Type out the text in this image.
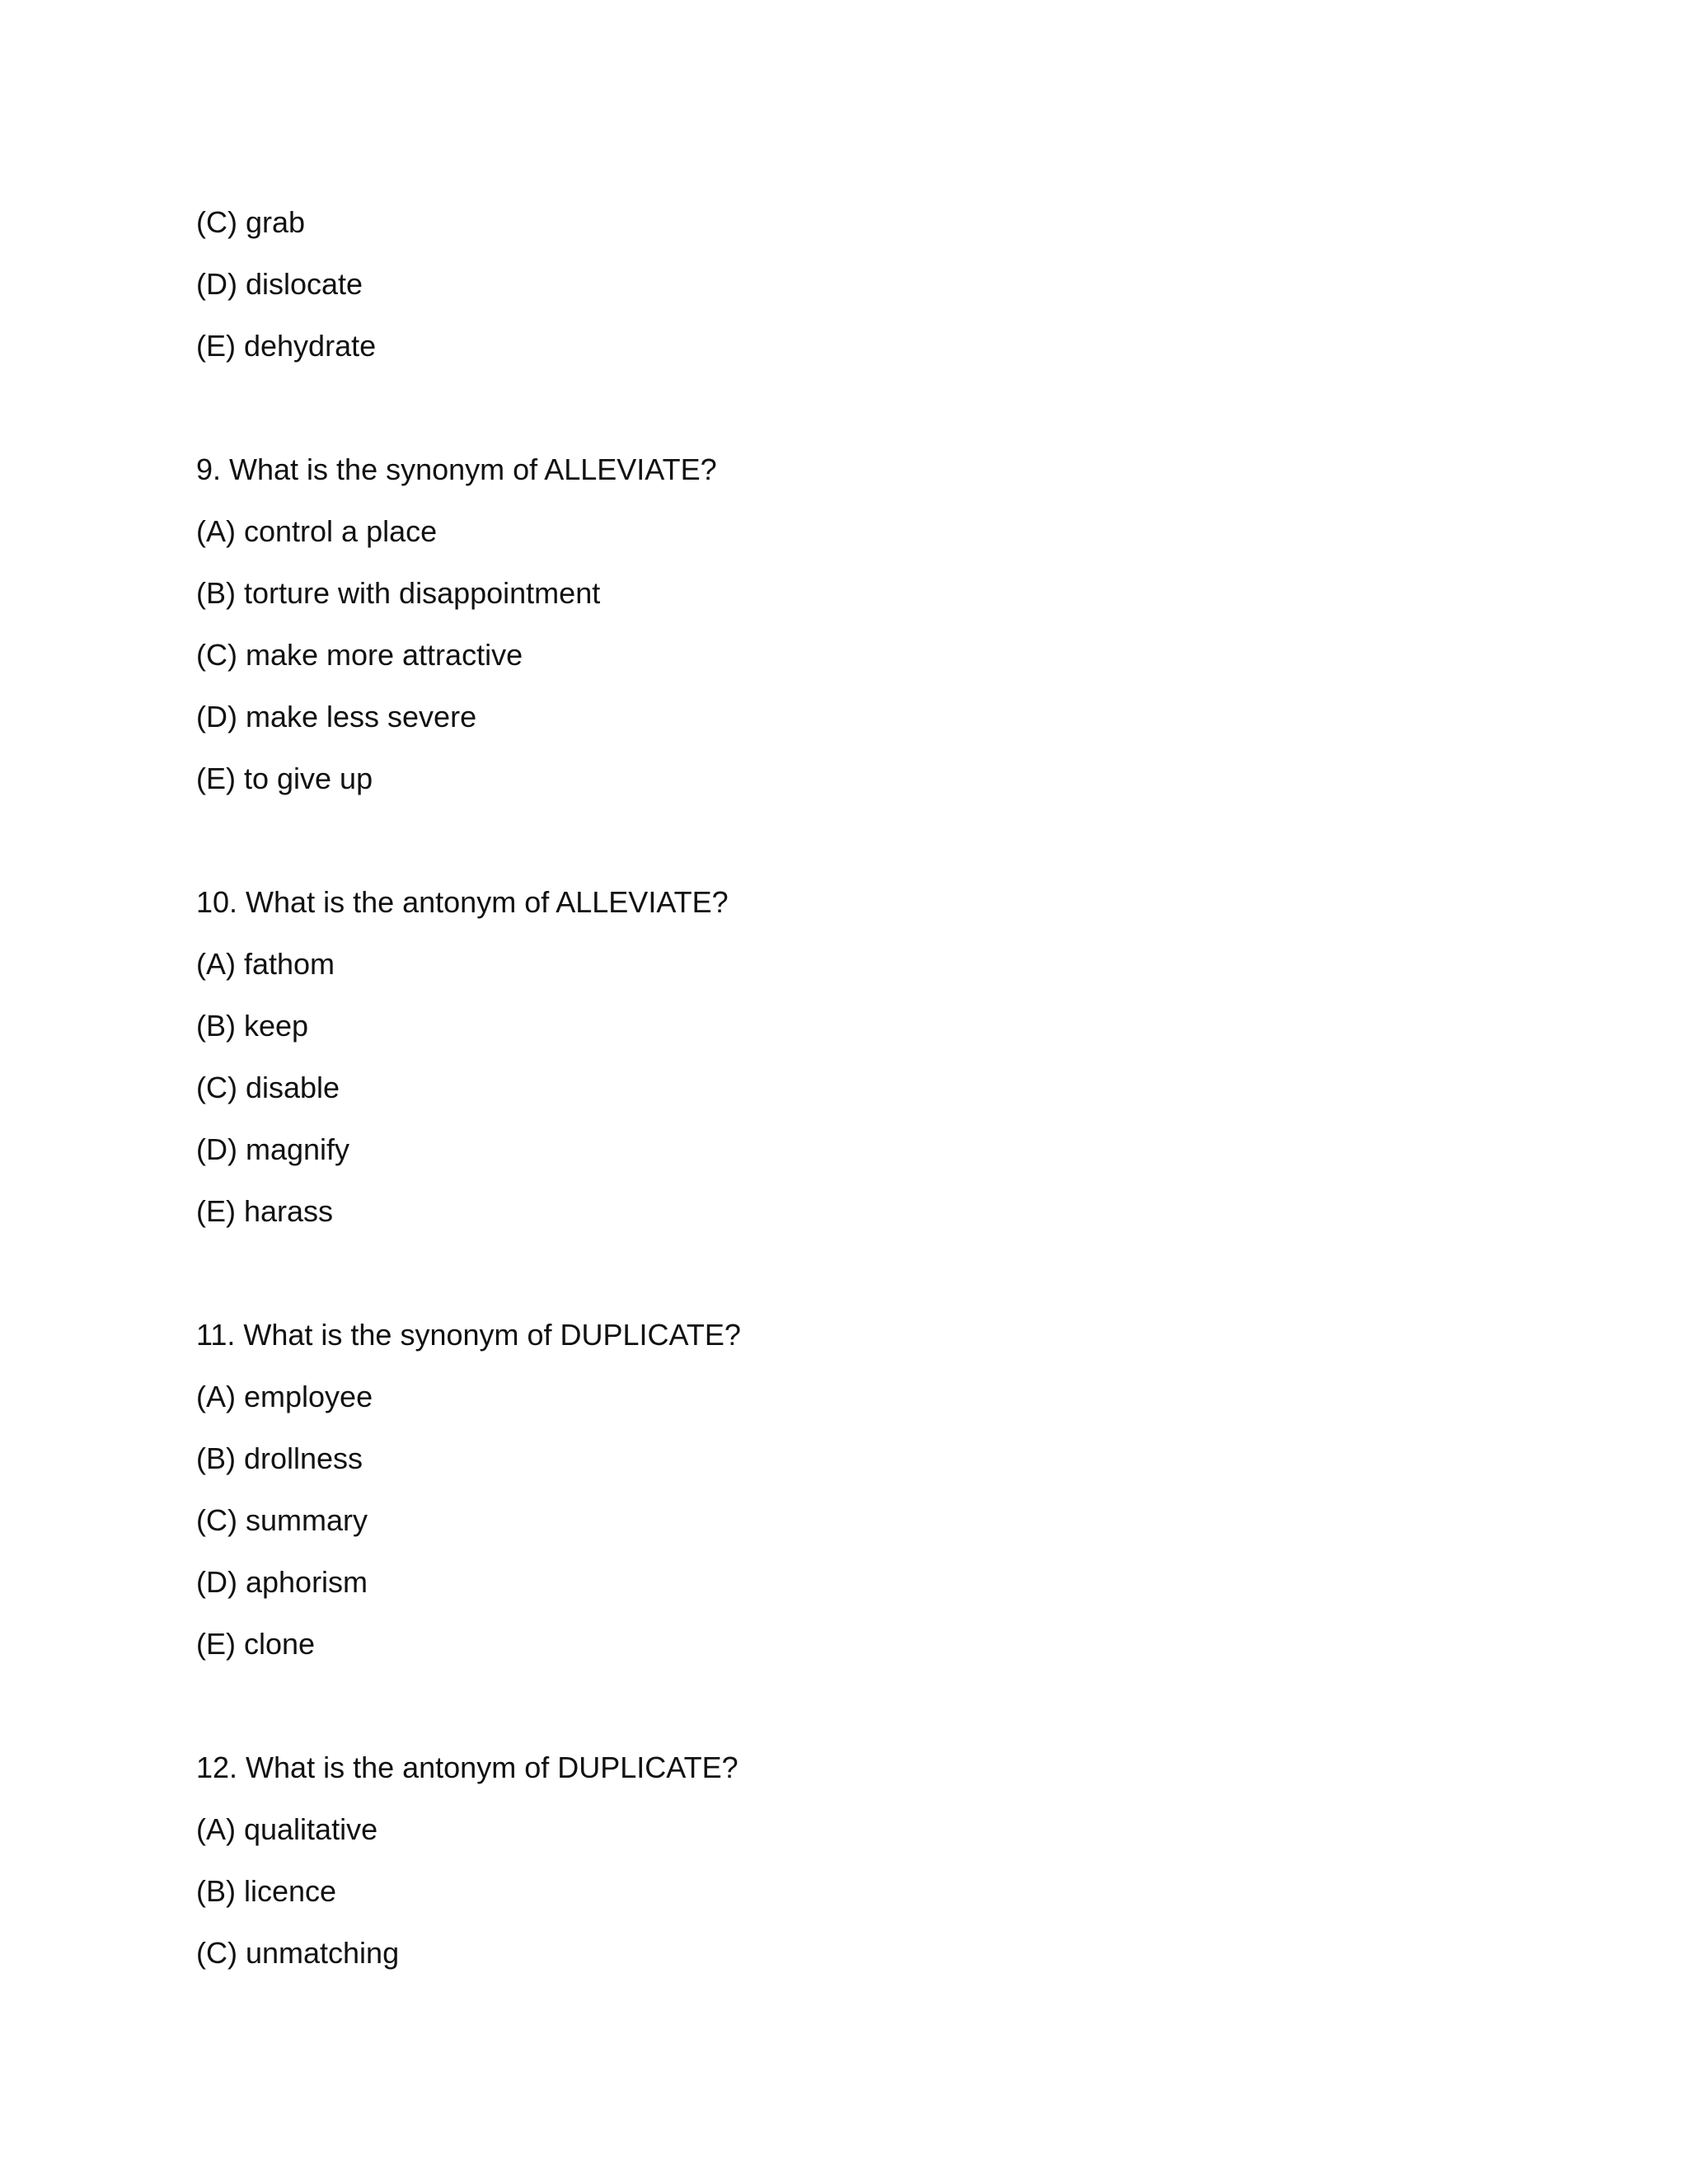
(C) grab
(D) dislocate
(E) dehydrate
9. What is the synonym of ALLEVIATE?
(A) control a place
(B) torture with disappointment
(C) make more attractive
(D) make less severe
(E) to give up
10. What is the antonym of ALLEVIATE?
(A) fathom
(B) keep
(C) disable
(D) magnify
(E) harass
11. What is the synonym of DUPLICATE?
(A) employee
(B) drollness
(C) summary
(D) aphorism
(E) clone
12. What is the antonym of DUPLICATE?
(A) qualitative
(B) licence
(C) unmatching
